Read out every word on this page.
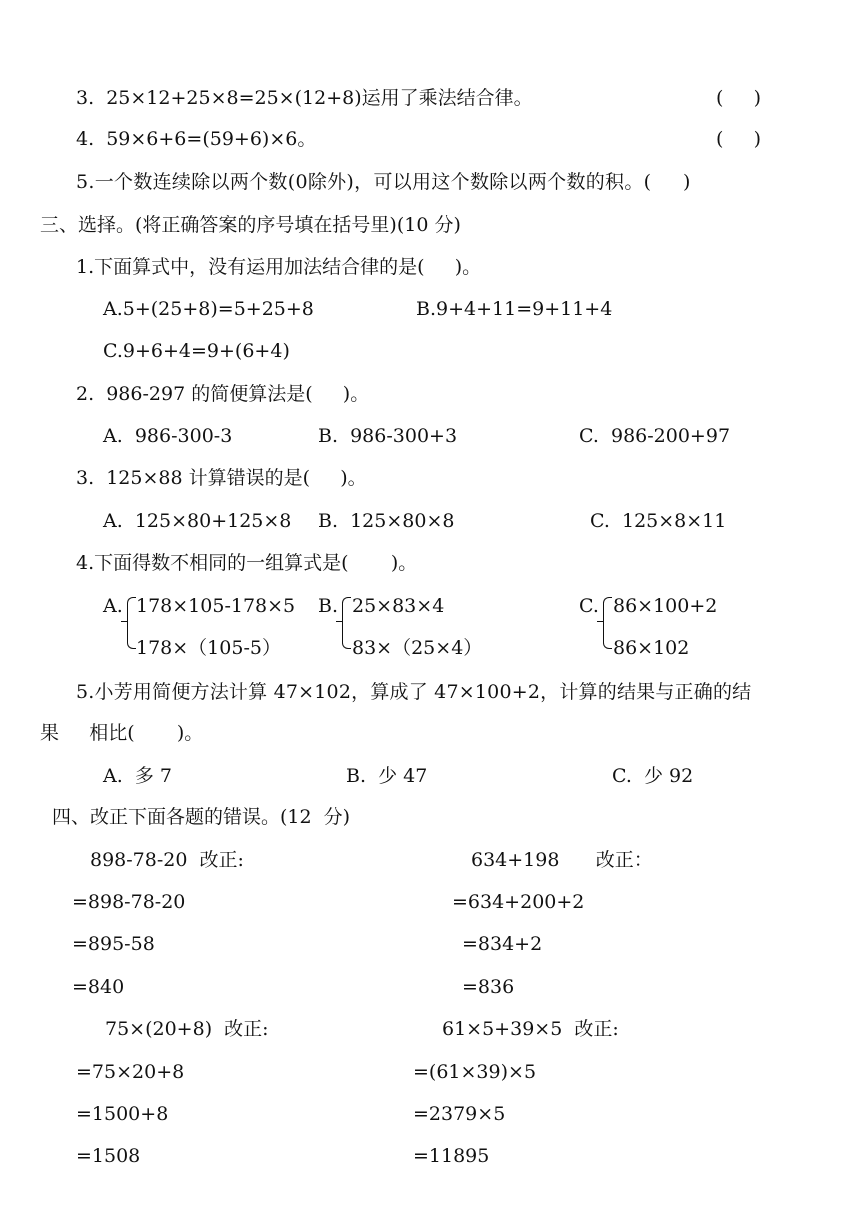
3.  25×12+25×8=25×(12+8)运用了乘法结合律。	(     )
4.  59×6+6=(59+6)×6。	(     )
5.一个数连续除以两个数(0除外)，可以用这个数除以两个数的积。(     )
三、选择。(将正确答案的序号填在括号里)(10 分)
1.下面算式中，没有运用加法结合律的是(     )。
A.5+(25+8)=5+25+8	B.9+4+11=9+11+4
C.9+6+4=9+(6+4)
2.  986-297 的简便算法是(     )。
A.  986-300-3	B.  986-300+3	C.  986-200+97
3.  125×88 计算错误的是(     )。
A.  125×80+125×8 B.  125×80×8	C.  125×8×11
4.下面得数不相同的一组算式是(       )。
A. 178×105-178×5
178×（105-5）
B. 25×83×4
83×（25×4）
C. 86×100+2
86×102
5.小芳用简便方法计算 47×102，算成了 47×100+2，计算的结果与正确的结
果     相比(       )。
A.  多 7	B.  少 47	C.  少 92
四、改正下面各题的错误。(12  分)
898-78-20  改正:
=898-78-20
=895-58
=840
634+198      改正：
=634+200+2
=834+2
=836
75×(20+8)  改正:
=75×20+8
=1500+8
=1508
61×5+39×5  改正:
=(61×39)×5
=2379×5
=11895
